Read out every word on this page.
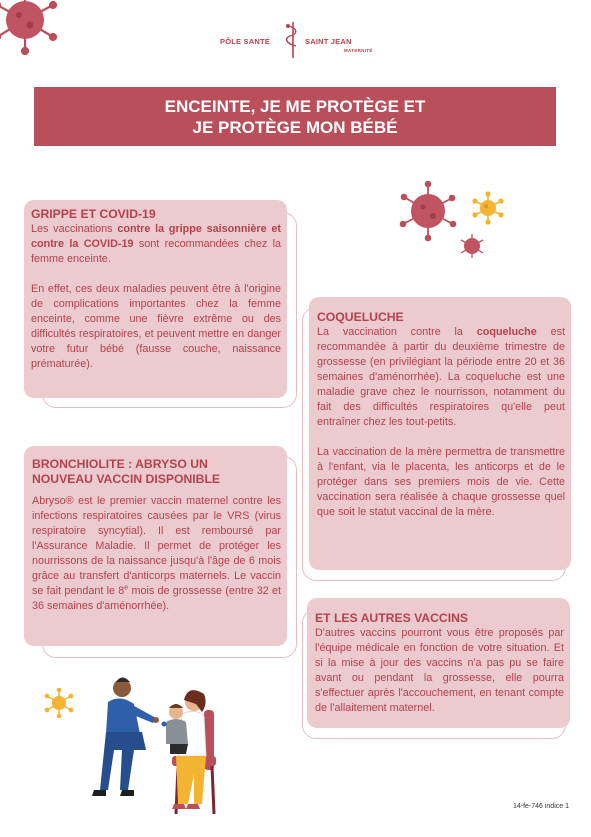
PÔLE SANTÉ	SAINT JEAN
MATERNITÉ
ENCEINTE, JE ME PROTÈGE ET
JE PROTÈGE MON BÉBÉ
GRIPPE ET COVID-19

Les vaccinations contre la grippe saisonnière et contre la COVID-19 sont recommandées chez la femme enceinte.

En effet, ces deux maladies peuvent être à l'origine de complications importantes chez la femme enceinte, comme une fièvre extrême ou des difficultés respiratoires, et peuvent mettre en danger votre futur bébé (fausse couche, naissance prématurée).

COQUELUCHE

La vaccination contre la coqueluche est recommandée à partir du deuxième trimestre de grossesse (en privilégiant la période entre 20 et 36 semaines d'aménorrhée). La coqueluche est une maladie grave chez le nourrisson, notamment du fait des difficultés respiratoires qu'elle peut entraîner chez les tout-petits.

La vaccination de la mère permettra de transmettre à l'enfant, via le placenta, les anticorps et de le protéger dans ses premiers mois de vie. Cette vaccination sera réalisée à chaque grossesse quel que soit le statut vaccinal de la mère.

BRONCHIOLITE : ABRYSO UN
NOUVEAU VACCIN DISPONIBLE

Abryso® est le premier vaccin maternel contre les infections respiratoires causées par le VRS (virus respiratoire syncytial). Il est remboursé par l'Assurance Maladie. Il permet de protéger les nourrissons de la naissance jusqu'à l'âge de 6 mois grâce au transfert d'anticorps maternels. Le vaccin se fait pendant le 8e mois de grossesse (entre 32 et 36 semaines d'aménorrhée).

ET LES AUTRES VACCINS

D'autres vaccins pourront vous être proposés par l'équipe médicale en fonction de votre situation. Et si la mise à jour des vaccins n'a pas pu se faire avant ou pendant la grossesse, elle pourra s'effectuer après l'accouchement, en tenant compte de l'allaitement maternel.

14-fe-746 indice 1
